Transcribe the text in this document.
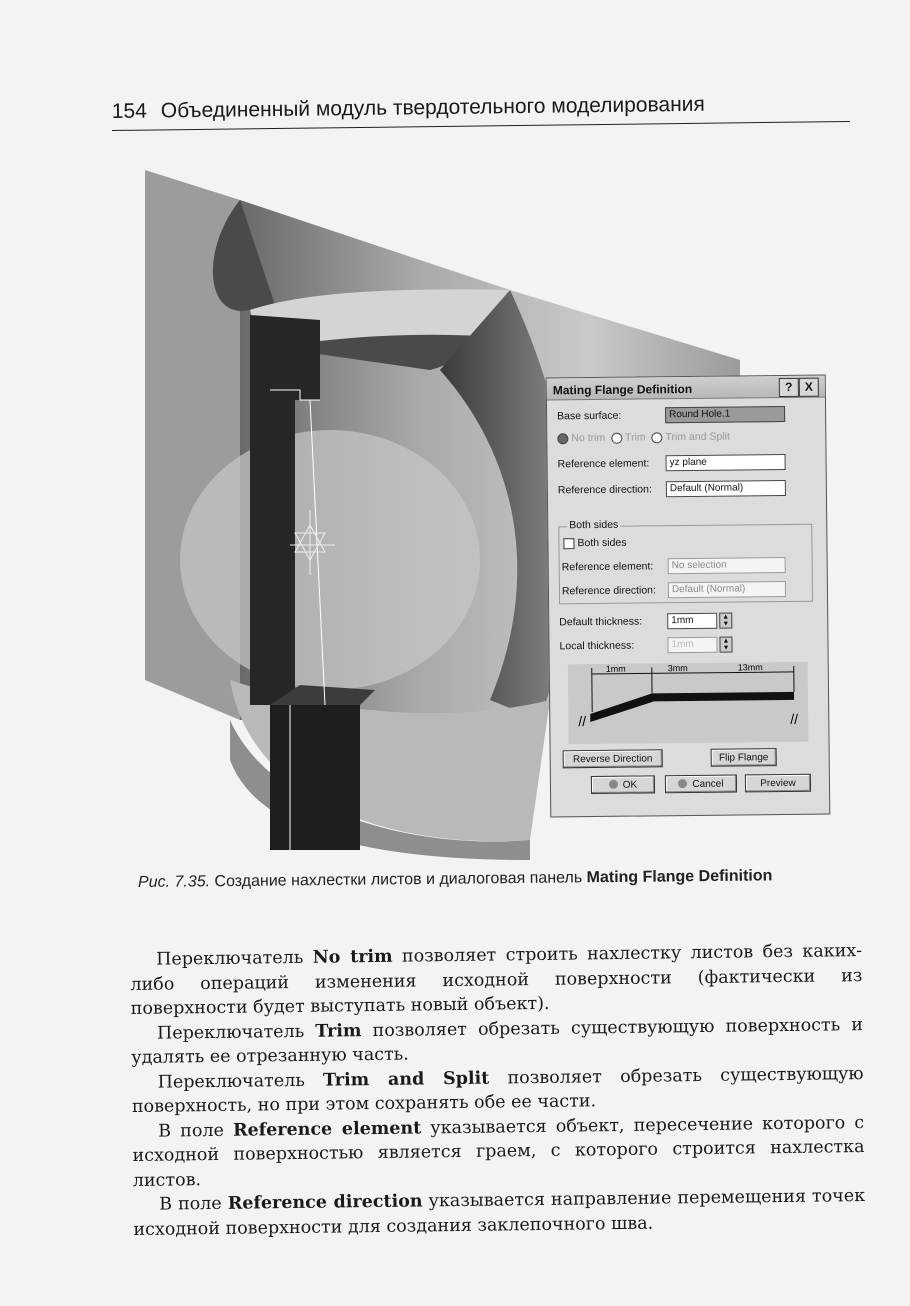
154 Объединенный модуль твердотельного моделирования
Mating Flange Definition	?	X
Base surface:	Round Hole.1
No trim Trim Trim and Split
Reference element:	yz plane
Reference direction:	Default (Normal)
Both sides
Both sides
Reference element:	No selection
Reference direction:	Default (Normal)
Default thickness:	1mm	▲
▼
Local thickness:	1mm	▲
▼
1mm	3mm	13mm
//	//
Reverse Direction	Flip Flange
OK	Cancel	Preview
Рис. 7.35. Создание нахлестки листов и диалоговая панель Mating Flange Definition

Переключатель No trim позволяет строить нахлестку листов без каких-либо операций изменения исходной поверхности (фактически из поверхности будет выступать новый объект).

Переключатель Trim позволяет обрезать существующую поверхность и удалять ее отрезанную часть.

Переключатель Trim and Split позволяет обрезать существующую поверхность, но при этом сохранять обе ее части.

В поле Reference element указывается объект, пересечение которого с исходной поверхностью является граем, с которого строится нахлестка листов.

В поле Reference direction указывается направление перемещения точек исходной поверхности для создания заклепочного шва.
